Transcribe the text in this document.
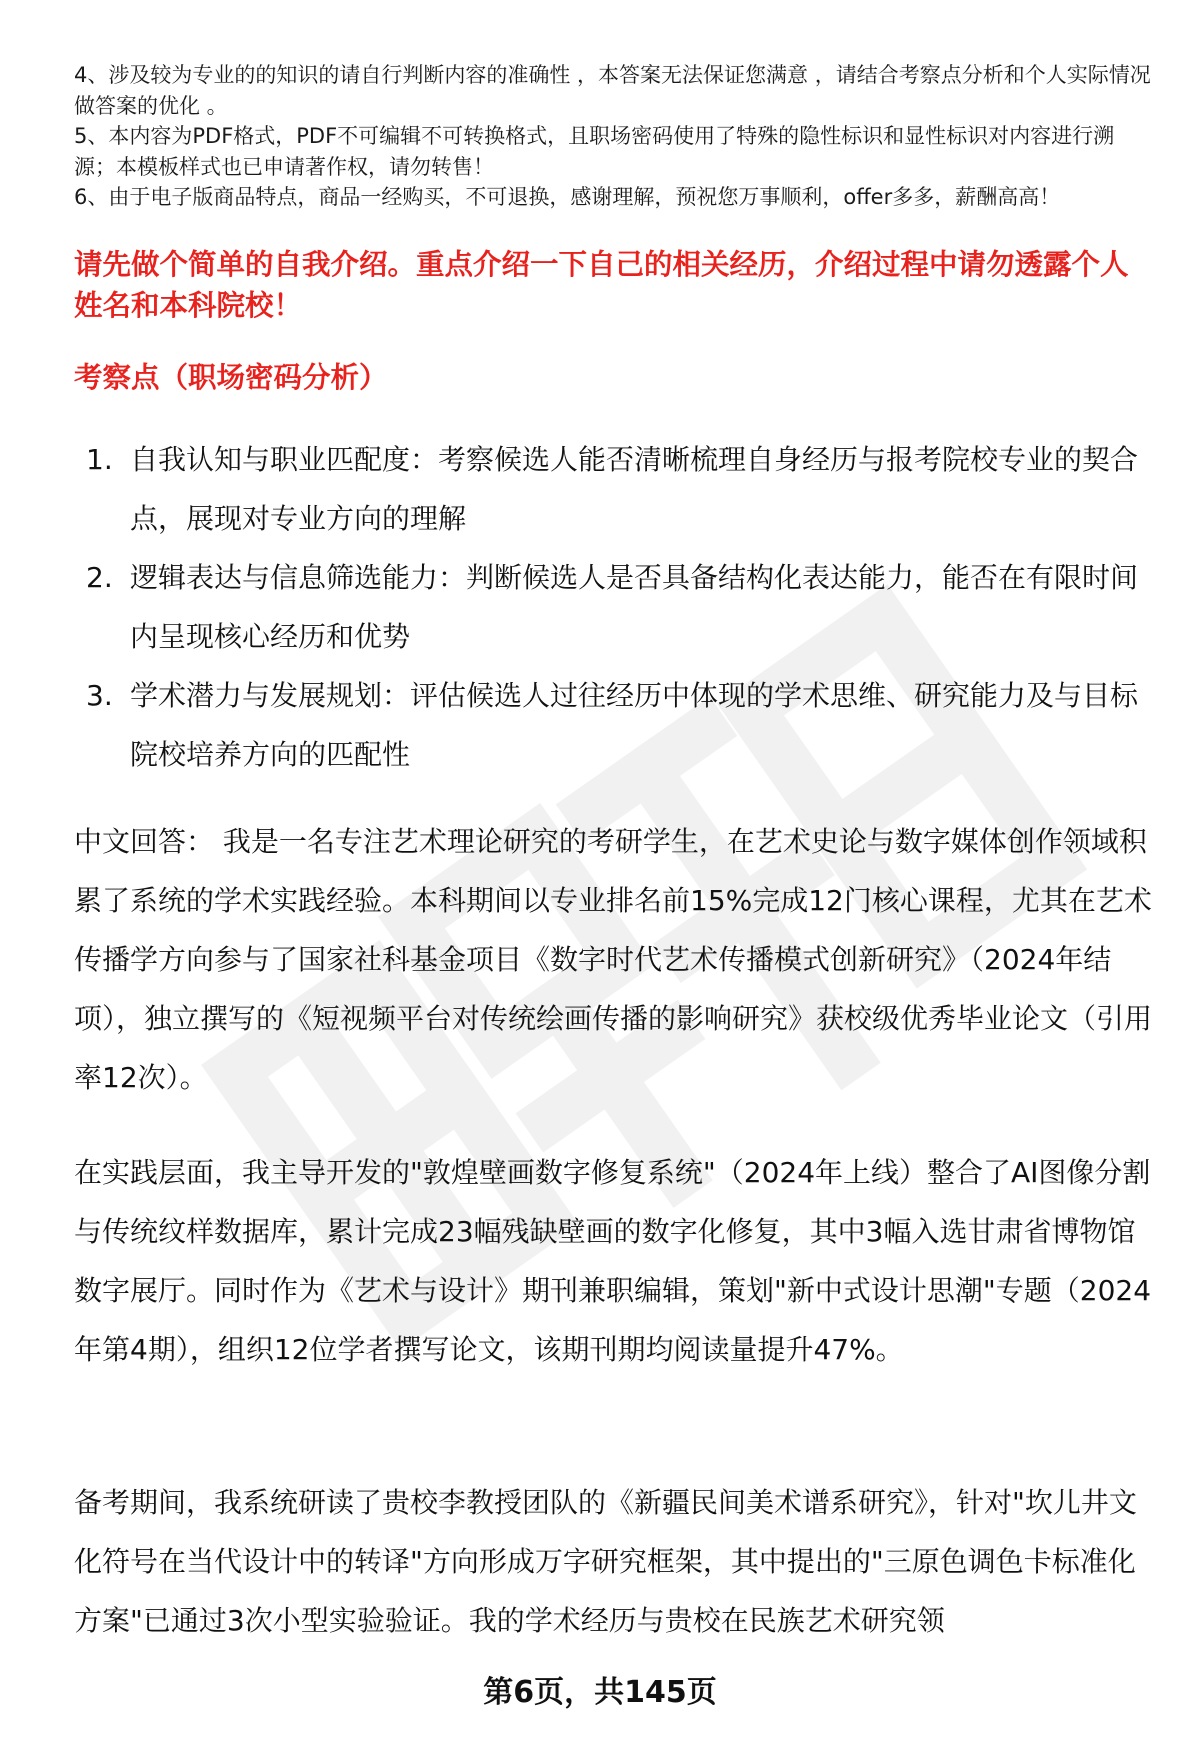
4、涉及较为专业的的知识的请自行判断内容的准确性 ，本答案无法保证您满意 ，请结合考察点分析和个人实际情况做答案的优化 。

5、本内容为PDF格式，PDF不可编辑不可转换格式，且职场密码使用了特殊的隐性标识和显性标识对内容进行溯源；本模板样式也已申请著作权，请勿转售！

6、由于电子版商品特点，商品一经购买，不可退换，感谢理解，预祝您万事顺利，offer多多，薪酬高高！

请先做个简单的自我介绍。重点介绍一下自己的相关经历，介绍过程中请勿透露个人姓名和本科院校！
考察点（职场密码分析）
1. 自我认知与职业匹配度：考察候选人能否清晰梳理自身经历与报考院校专业的契合点，展现对专业方向的理解
2. 逻辑表达与信息筛选能力：判断候选人是否具备结构化表达能力，能否在有限时间内呈现核心经历和优势
3. 学术潜力与发展规划：评估候选人过往经历中体现的学术思维、研究能力及与目标院校培养方向的匹配性

中文回答： 我是一名专注艺术理论研究的考研学生，在艺术史论与数字媒体创作领域积累了系统的学术实践经验。本科期间以专业排名前15%完成12门核心课程，尤其在艺术传播学方向参与了国家社科基金项目《数字时代艺术传播模式创新研究》（2024年结项），独立撰写的《短视频平台对传统绘画传播的影响研究》获校级优秀毕业论文（引用率12次）。

在实践层面，我主导开发的"敦煌壁画数字修复系统"（2024年上线）整合了AI图像分割与传统纹样数据库，累计完成23幅残缺壁画的数字化修复，其中3幅入选甘肃省博物馆数字展厅。同时作为《艺术与设计》期刊兼职编辑，策划"新中式设计思潮"专题（2024年第4期），组织12位学者撰写论文，该期刊期均阅读量提升47%。

备考期间，我系统研读了贵校李教授团队的《新疆民间美术谱系研究》，针对"坎儿井文化符号在当代设计中的转译"方向形成万字研究框架，其中提出的"三原色调色卡标准化方案"已通过3次小型实验验证。我的学术经历与贵校在民族艺术研究领

第6页，共145页
